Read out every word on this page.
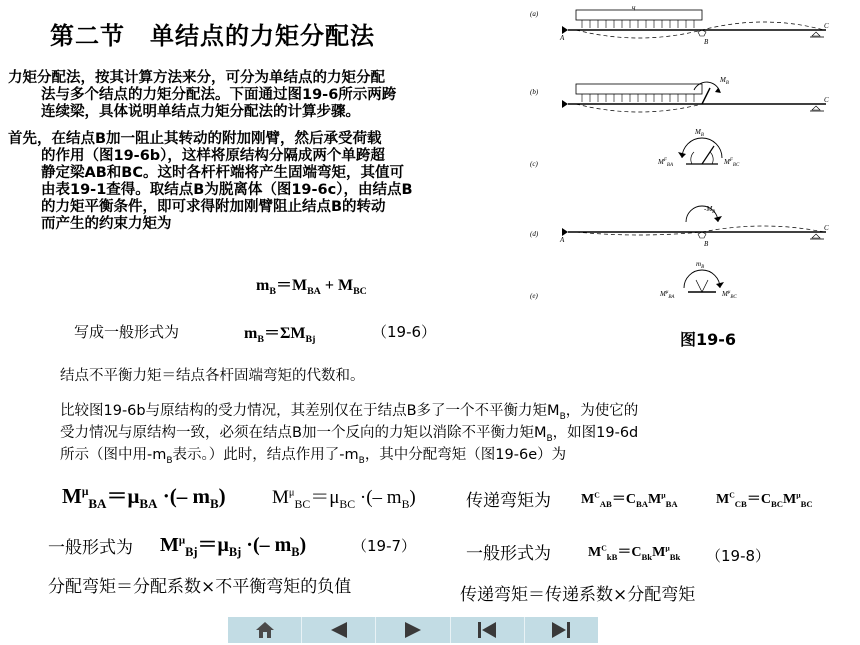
第二节　单结点的力矩分配法
力矩分配法，按其计算方法来分，可分为单结点的力矩分配
法与多个结点的力矩分配法。下面通过图19-6所示两跨
连续梁，具体说明单结点力矩分配法的计算步骤。
首先，在结点B加一阻止其转动的附加刚臂，然后承受荷载
的作用（图19-6b），这样将原结构分隔成两个单跨超
静定梁AB和BC。这时各杆杆端将产生固端弯矩，其值可
由表19-1查得。取结点B为脱离体（图19-6c），由结点B
的力矩平衡条件，即可求得附加刚臂阻止结点B的转动
而产生的约束力矩为
$m_B=M_{BA} + M_{BC}$
写成一般形式为	$m_B=\Sigma M_{Bj}$	（19-6）
结点不平衡力矩＝结点各杆固端弯矩的代数和。
比较图19-6b与原结构的受力情况，其差别仅在于结点B多了一个不平衡力矩$M_B$，为使它的
受力情况与原结构一致，必须在结点B加一个反向的力矩以消除不平衡力矩$M_B$，如图19-6d
所示（图中用$-m_B$表示。）此时，结点作用了$-m_B$，其中分配弯矩（图19-6e）为
$M^\mu_{BA}=\mu_{BA}$ ·(– $m_B$) $M^\mu_{BC}=\mu_{BC}$ ·(– $m_B$)	传递弯矩为 $M^C_{AB}=C_{BA}M^\mu_{BA}$	$M^C_{CB}=C_{BC}M^\mu_{BC}$
一般形式为 $M^\mu_{Bj}=\mu_{Bj}$ ·(– $m_B$)	（19-7）	一般形式为	$M^C_{kB}=C_{Bk}M^\mu_{Bk}$ （19-8）
分配弯矩＝分配系数×不平衡弯矩的负值	传递弯矩＝传递系数×分配弯矩
图19-6
(a)
q
A	B
C
(b)
$M_B$
C
(c)
$M_B$
$M^F_{BA}$	$M^F_{BC}$
(d)
$-M_B$
A	B
C
(e)
$m_B$
$M^\mu_{BA}$	$M^\mu_{BC}$
